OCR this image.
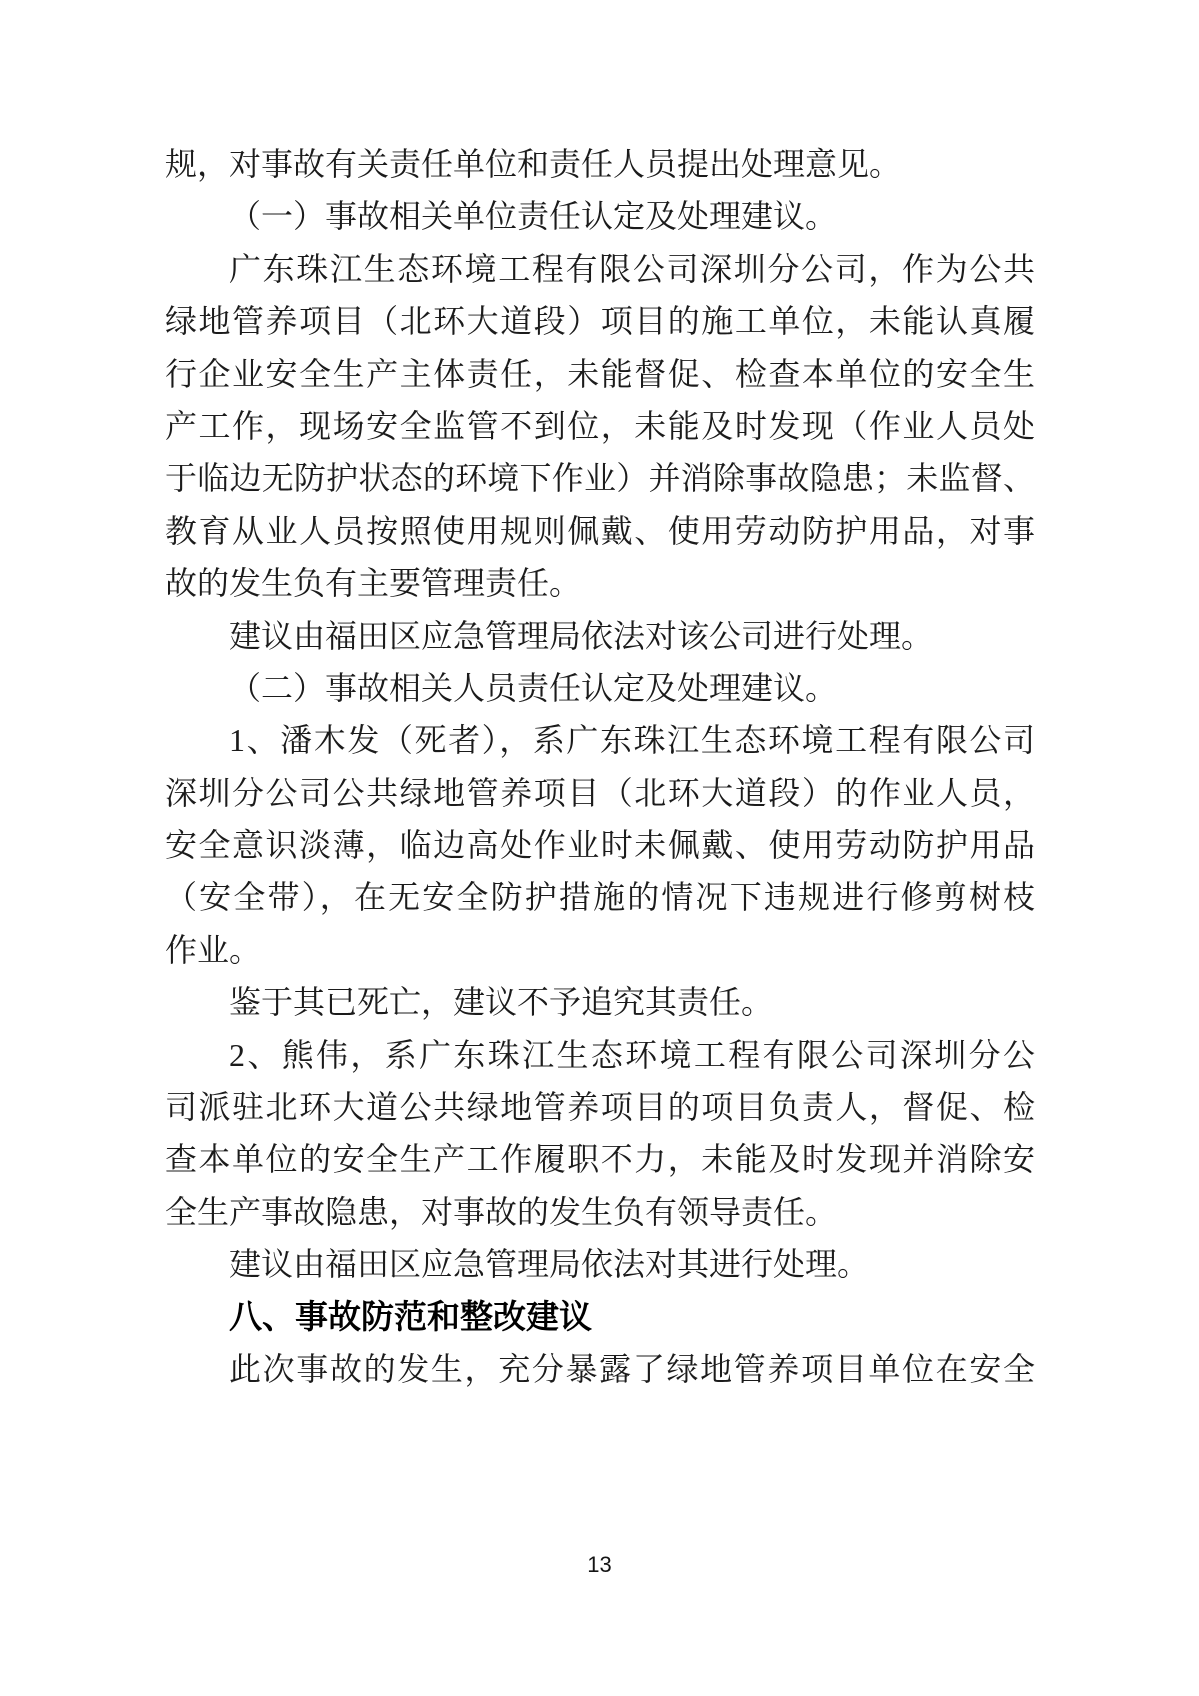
规，对事故有关责任单位和责任人员提出处理意见。
（一）事故相关单位责任认定及处理建议。
广东珠江生态环境工程有限公司深圳分公司，作为公共
绿地管养项目（北环大道段）项目的施工单位，未能认真履
行企业安全生产主体责任，未能督促、检查本单位的安全生
产工作，现场安全监管不到位，未能及时发现（作业人员处
于临边无防护状态的环境下作业）并消除事故隐患；未监督、
教育从业人员按照使用规则佩戴、使用劳动防护用品，对事
故的发生负有主要管理责任。
建议由福田区应急管理局依法对该公司进行处理。
（二）事故相关人员责任认定及处理建议。
1、潘木发（死者），系广东珠江生态环境工程有限公司
深圳分公司公共绿地管养项目（北环大道段）的作业人员，
安全意识淡薄，临边高处作业时未佩戴、使用劳动防护用品
（安全带），在无安全防护措施的情况下违规进行修剪树枝
作业。
鉴于其已死亡，建议不予追究其责任。
2、熊伟，系广东珠江生态环境工程有限公司深圳分公
司派驻北环大道公共绿地管养项目的项目负责人，督促、检
查本单位的安全生产工作履职不力，未能及时发现并消除安
全生产事故隐患，对事故的发生负有领导责任。
建议由福田区应急管理局依法对其进行处理。
八、事故防范和整改建议
此次事故的发生，充分暴露了绿地管养项目单位在安全
13
